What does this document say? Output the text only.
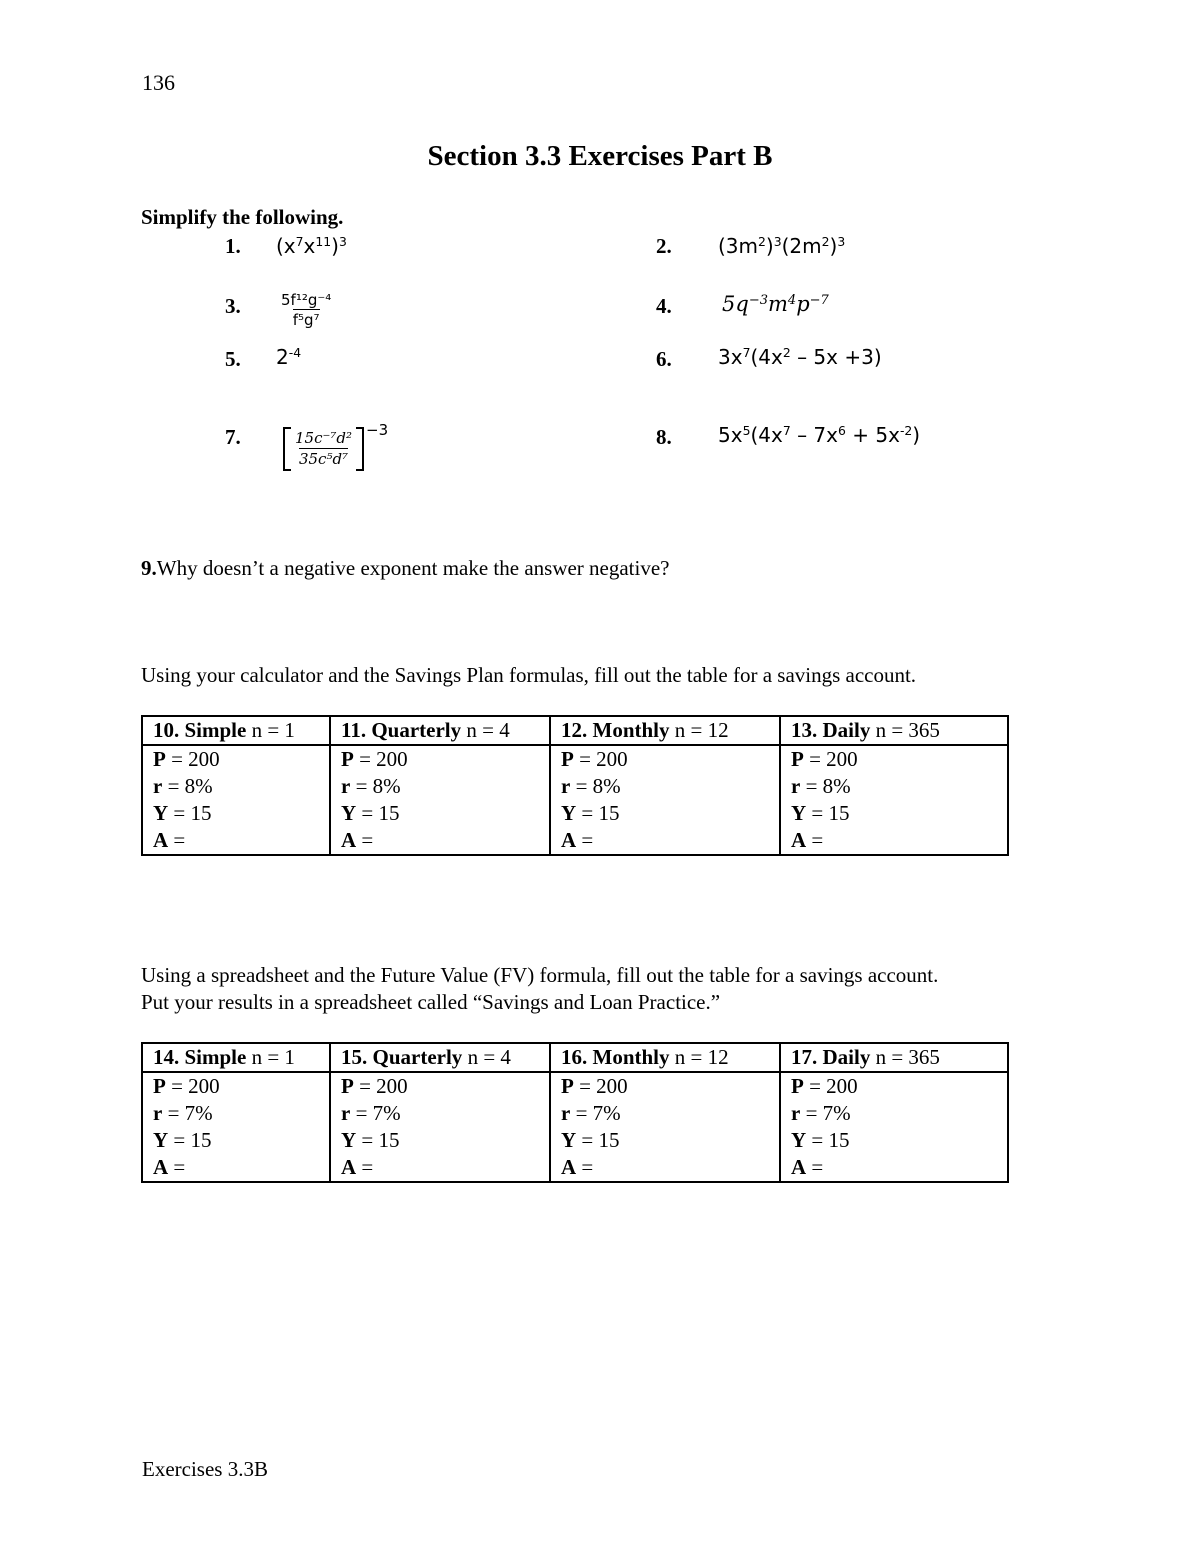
136
Section 3.3 Exercises Part B
Simplify the following.
1. $(x^7x^{11})^3$	2. $(3m^2)^3(2m^2)^3$
3.	$\frac{\text{5f¹²g⁻⁴}}{\text{f⁵g⁷}}$	4. $5q^{-3}m^4p^{-7}$
5. $2^{-4}$	6. $3x^7(4x^2 - 5x +3)$
7.	$\frac{\text{15c⁻⁷d²}}{\text{35c⁵d⁷}}$
−3	8. $5x^5(4x^7 - 7x^6 + 5x^{-2})$
9.Why doesn’t a negative exponent make the answer negative?
Using your calculator and the Savings Plan formulas, fill out the table for a savings account.
10. Simple n = 1	11. Quarterly n = 4	12. Monthly n = 12	13. Daily n = 365
P = 200	P = 200	P = 200	P = 200
r = 8%	r = 8%	r = 8%	r = 8%
Y = 15	Y = 15	Y = 15	Y = 15
A =	A =	A =	A =
Using a spreadsheet and the Future Value (FV) formula, fill out the table for a savings account.
Put your results in a spreadsheet called “Savings and Loan Practice.”
14. Simple n = 1	15. Quarterly n = 4	16. Monthly n = 12	17. Daily n = 365
P = 200	P = 200	P = 200	P = 200
r = 7%	r = 7%	r = 7%	r = 7%
Y = 15	Y = 15	Y = 15	Y = 15
A =	A =	A =	A =
Exercises 3.3B
